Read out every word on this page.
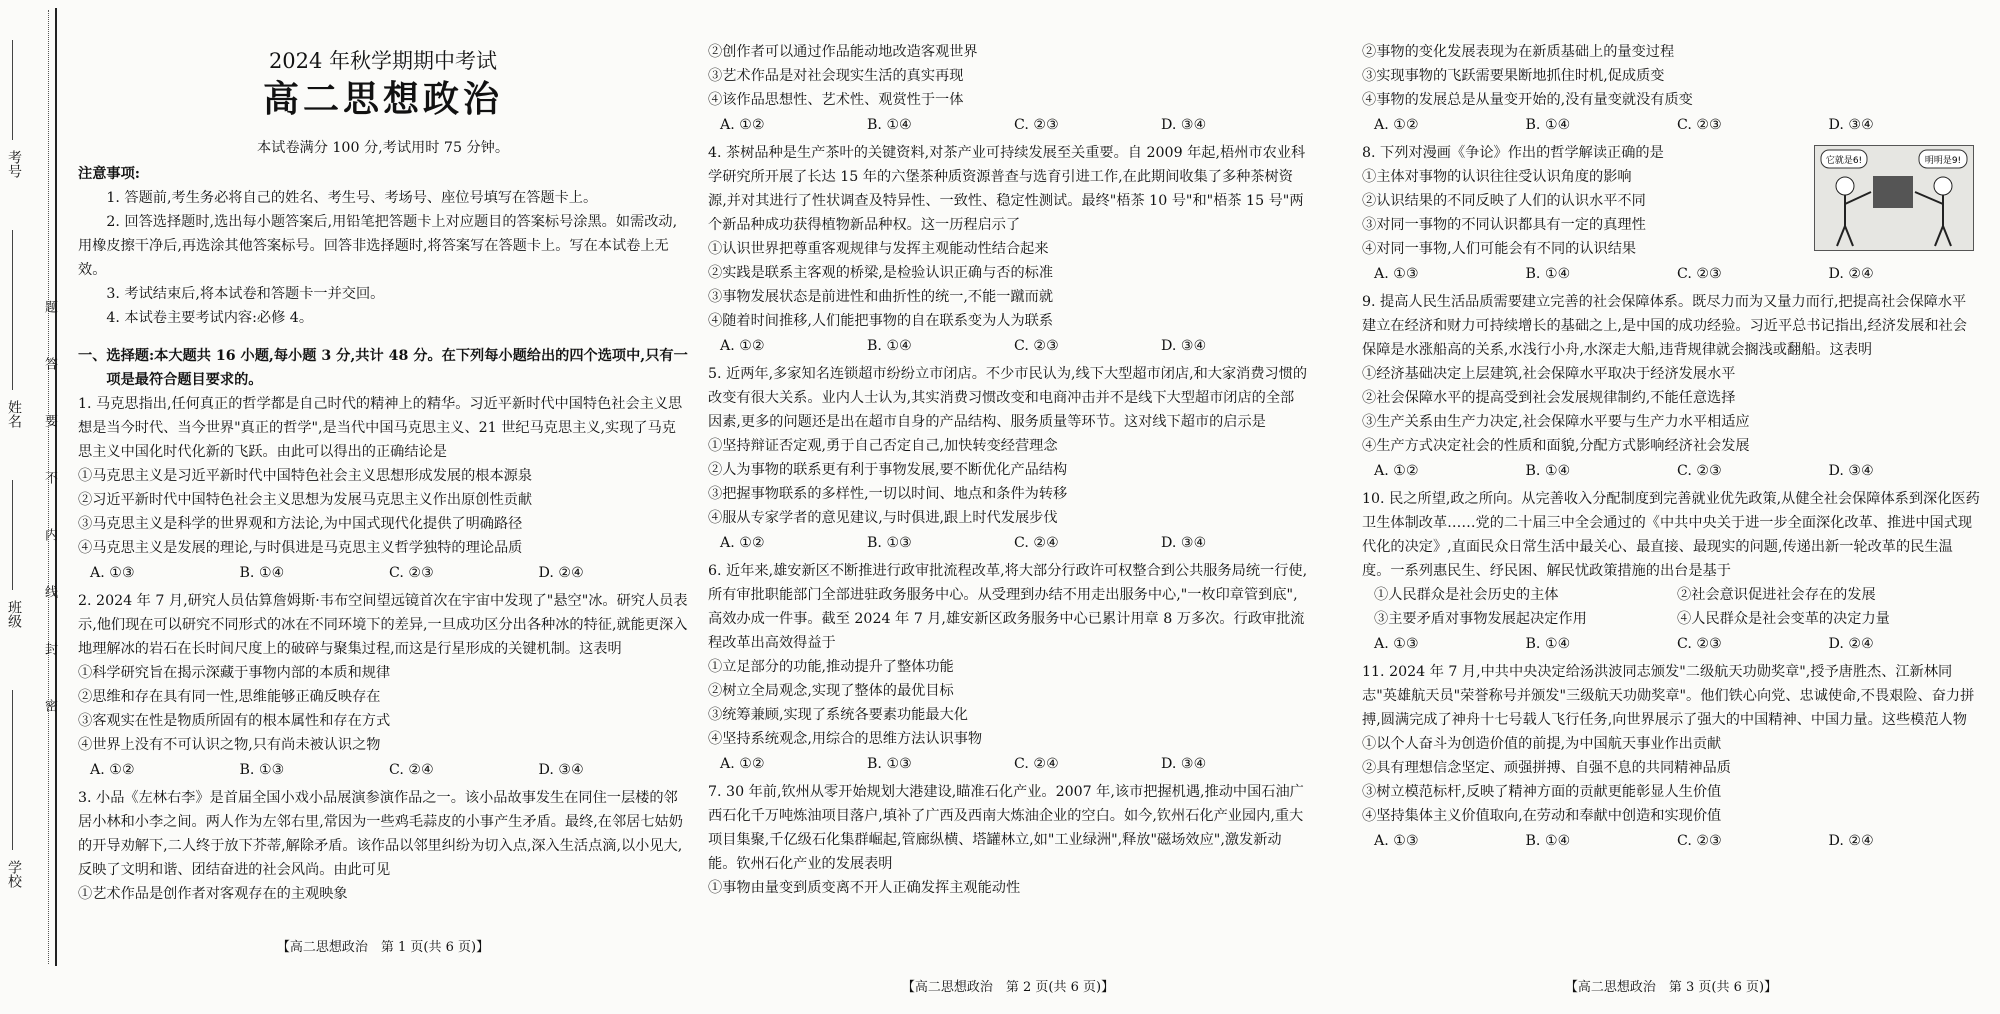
考号
姓名
班级
学校
题答要不内线封密
2024 年秋学期期中考试
高二思想政治

本试卷满分 100 分,考试用时 75 分钟。

注意事项:

1. 答题前,考生务必将自己的姓名、考生号、考场号、座位号填写在答题卡上。

2. 回答选择题时,选出每小题答案后,用铅笔把答题卡上对应题目的答案标号涂黑。如需改动,用橡皮擦干净后,再选涂其他答案标号。回答非选择题时,将答案写在答题卡上。写在本试卷上无效。

3. 考试结束后,将本试卷和答题卡一并交回。

4. 本试卷主要考试内容:必修 4。

一、选择题:本大题共 16 小题,每小题 3 分,共计 48 分。在下列每小题给出的四个选项中,只有一项是最符合题目要求的。

1. 马克思指出,任何真正的哲学都是自己时代的精神上的精华。习近平新时代中国特色社会主义思想是当今时代、当今世界"真正的哲学",是当代中国马克思主义、21 世纪马克思主义,实现了马克思主义中国化时代化新的飞跃。由此可以得出的正确结论是

①马克思主义是习近平新时代中国特色社会主义思想形成发展的根本源泉

②习近平新时代中国特色社会主义思想为发展马克思主义作出原创性贡献

③马克思主义是科学的世界观和方法论,为中国式现代化提供了明确路径

④马克思主义是发展的理论,与时俱进是马克思主义哲学独特的理论品质

A. ①③	B. ①④	C. ②③	D. ②④

2. 2024 年 7 月,研究人员估算詹姆斯·韦布空间望远镜首次在宇宙中发现了"悬空"冰。研究人员表示,他们现在可以研究不同形式的冰在不同环境下的差异,一旦成功区分出各种冰的特征,就能更深入地理解冰的岩石在长时间尺度上的破碎与聚集过程,而这是行星形成的关键机制。这表明

①科学研究旨在揭示深藏于事物内部的本质和规律

②思维和存在具有同一性,思维能够正确反映存在

③客观实在性是物质所固有的根本属性和存在方式

④世界上没有不可认识之物,只有尚未被认识之物

A. ①②	B. ①③	C. ②④	D. ③④

3. 小品《左林右李》是首届全国小戏小品展演参演作品之一。该小品故事发生在同住一层楼的邻居小林和小李之间。两人作为左邻右里,常因为一些鸡毛蒜皮的小事产生矛盾。最终,在邻居七姑奶的开导劝解下,二人终于放下芥蒂,解除矛盾。该作品以邻里纠纷为切入点,深入生活点滴,以小见大,反映了文明和谐、团结奋进的社会风尚。由此可见

①艺术作品是创作者对客观存在的主观映象

【高二思想政治　第 1 页(共 6 页)】

②创作者可以通过作品能动地改造客观世界

③艺术作品是对社会现实生活的真实再现

④该作品思想性、艺术性、观赏性于一体

A. ①②	B. ①④	C. ②③	D. ③④

4. 茶树品种是生产茶叶的关键资料,对茶产业可持续发展至关重要。自 2009 年起,梧州市农业科学研究所开展了长达 15 年的六堡茶种质资源普查与选育引进工作,在此期间收集了多种茶树资源,并对其进行了性状调查及特异性、一致性、稳定性测试。最终"梧茶 10 号"和"梧茶 15 号"两个新品种成功获得植物新品种权。这一历程启示了

①认识世界把尊重客观规律与发挥主观能动性结合起来

②实践是联系主客观的桥梁,是检验认识正确与否的标准

③事物发展状态是前进性和曲折性的统一,不能一蹴而就

④随着时间推移,人们能把事物的自在联系变为人为联系

A. ①②	B. ①④	C. ②③	D. ③④

5. 近两年,多家知名连锁超市纷纷立市闭店。不少市民认为,线下大型超市闭店,和大家消费习惯的改变有很大关系。业内人士认为,其实消费习惯改变和电商冲击并不是线下大型超市闭店的全部因素,更多的问题还是出在超市自身的产品结构、服务质量等环节。这对线下超市的启示是

①坚持辩证否定观,勇于自己否定自己,加快转变经营理念

②人为事物的联系更有利于事物发展,要不断优化产品结构

③把握事物联系的多样性,一切以时间、地点和条件为转移

④服从专家学者的意见建议,与时俱进,跟上时代发展步伐

A. ①②	B. ①③	C. ②④	D. ③④

6. 近年来,雄安新区不断推进行政审批流程改革,将大部分行政许可权整合到公共服务局统一行使,所有审批职能部门全部进驻政务服务中心。从受理到办结不用走出服务中心,"一枚印章管到底",高效办成一件事。截至 2024 年 7 月,雄安新区政务服务中心已累计用章 8 万多次。行政审批流程改革出高效得益于

①立足部分的功能,推动提升了整体功能

②树立全局观念,实现了整体的最优目标

③统筹兼顾,实现了系统各要素功能最大化

④坚持系统观念,用综合的思维方法认识事物

A. ①②	B. ①③	C. ②④	D. ③④

7. 30 年前,钦州从零开始规划大港建设,瞄准石化产业。2007 年,该市把握机遇,推动中国石油广西石化千万吨炼油项目落户,填补了广西及西南大炼油企业的空白。如今,钦州石化产业园内,重大项目集聚,千亿级石化集群崛起,管廊纵横、塔罐林立,如"工业绿洲",释放"磁场效应",激发新动能。钦州石化产业的发展表明

①事物由量变到质变离不开人正确发挥主观能动性

【高二思想政治　第 2 页(共 6 页)】

②事物的变化发展表现为在新质基础上的量变过程

③实现事物的飞跃需要果断地抓住时机,促成质变

④事物的发展总是从量变开始的,没有量变就没有质变

A. ①②	B. ①④	C. ②③	D. ③④
它就是6!	明明是9!

8. 下列对漫画《争论》作出的哲学解读正确的是

①主体对事物的认识往往受认识角度的影响

②认识结果的不同反映了人们的认识水平不同

③对同一事物的不同认识都具有一定的真理性

④对同一事物,人们可能会有不同的认识结果

A. ①③	B. ①④	C. ②③	D. ②④

9. 提高人民生活品质需要建立完善的社会保障体系。既尽力而为又量力而行,把提高社会保障水平建立在经济和财力可持续增长的基础之上,是中国的成功经验。习近平总书记指出,经济发展和社会保障是水涨船高的关系,水浅行小舟,水深走大船,违背规律就会搁浅或翻船。这表明

①经济基础决定上层建筑,社会保障水平取决于经济发展水平

②社会保障水平的提高受到社会发展规律制约,不能任意选择

③生产关系由生产力决定,社会保障水平要与生产力水平相适应

④生产方式决定社会的性质和面貌,分配方式影响经济社会发展

A. ①②	B. ①④	C. ②③	D. ③④

10. 民之所望,政之所向。从完善收入分配制度到完善就业优先政策,从健全社会保障体系到深化医药卫生体制改革……党的二十届三中全会通过的《中共中央关于进一步全面深化改革、推进中国式现代化的决定》,直面民众日常生活中最关心、最直接、最现实的问题,传递出新一轮改革的民生温度。一系列惠民生、纾民困、解民忧政策措施的出台是基于

①人民群众是社会历史的主体	②社会意识促进社会存在的发展
③主要矛盾对事物发展起决定作用	④人民群众是社会变革的决定力量
A. ①③	B. ①④	C. ②③	D. ②④

11. 2024 年 7 月,中共中央决定给汤洪波同志颁发"二级航天功勋奖章",授予唐胜杰、江新林同志"英雄航天员"荣誉称号并颁发"三级航天功勋奖章"。他们铁心向党、忠诚使命,不畏艰险、奋力拼搏,圆满完成了神舟十七号载人飞行任务,向世界展示了强大的中国精神、中国力量。这些模范人物

①以个人奋斗为创造价值的前提,为中国航天事业作出贡献

②具有理想信念坚定、顽强拼搏、自强不息的共同精神品质

③树立模范标杆,反映了精神方面的贡献更能彰显人生价值

④坚持集体主义价值取向,在劳动和奉献中创造和实现价值

A. ①③	B. ①④	C. ②③	D. ②④
【高二思想政治　第 3 页(共 6 页)】
